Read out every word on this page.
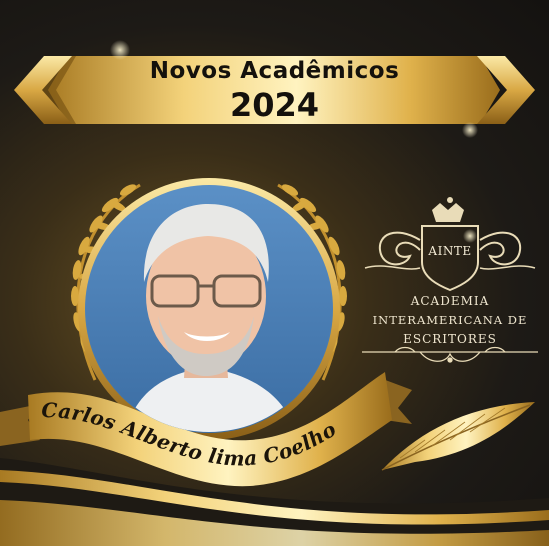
Novos Acadêmicos
2024
AINTE
ACADEMIA
INTERAMERICANA DE
ESCRITORES
Carlos Alberto lima Coelho
